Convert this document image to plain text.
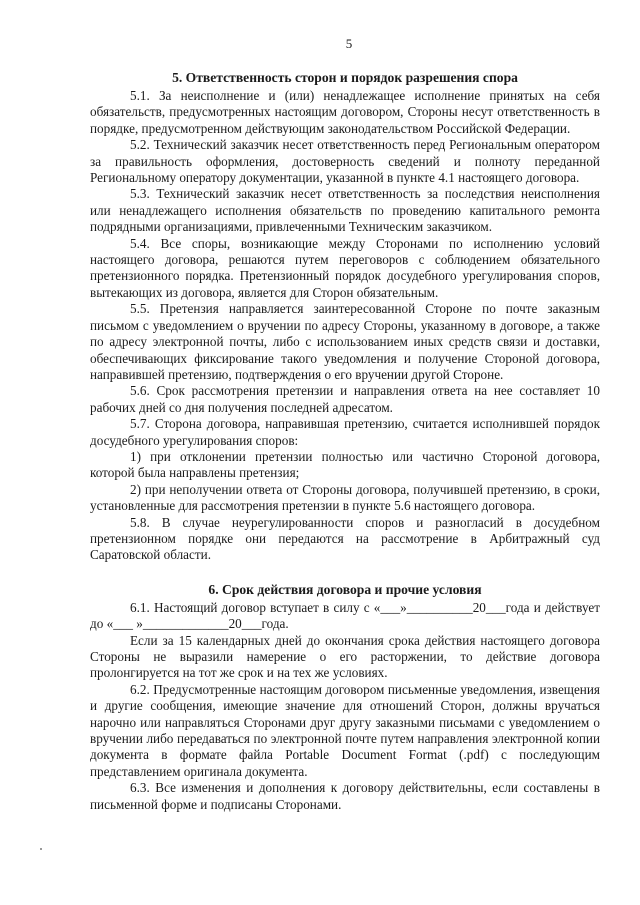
5
5. Ответственность сторон и порядок разрешения спора

5.1. За неисполнение и (или) ненадлежащее исполнение принятых на себя обязательств, предусмотренных настоящим договором, Стороны несут ответственность в порядке, предусмотренном действующим законодательством Российской Федерации.

5.2. Технический заказчик несет ответственность перед Региональным оператором за правильность оформления, достоверность сведений и полноту переданной Региональному оператору документации, указанной в пункте 4.1 настоящего договора.

5.3. Технический заказчик несет ответственность за последствия неисполнения или ненадлежащего исполнения обязательств по проведению капитального ремонта подрядными организациями, привлеченными Техническим заказчиком.

5.4. Все споры, возникающие между Сторонами по исполнению условий настоящего договора, решаются путем переговоров с соблюдением обязательного претензионного порядка. Претензионный порядок досудебного урегулирования споров, вытекающих из договора, является для Сторон обязательным.

5.5. Претензия направляется заинтересованной Стороне по почте заказным письмом с уведомлением о вручении по адресу Стороны, указанному в договоре, а также по адресу электронной почты, либо с использованием иных средств связи и доставки, обеспечивающих фиксирование такого уведомления и получение Стороной договора, направившей претензию, подтверждения о его вручении другой Стороне.

5.6. Срок рассмотрения претензии и направления ответа на нее составляет 10 рабочих дней со дня получения последней адресатом.

5.7. Сторона договора, направившая претензию, считается исполнившей порядок досудебного урегулирования споров:

1) при отклонении претензии полностью или частично Стороной договора, которой была направлены претензия;

2) при неполучении ответа от Стороны договора, получившей претензию, в сроки, установленные для рассмотрения претензии в пункте 5.6 настоящего договора.

5.8. В случае неурегулированности споров и разногласий в досудебном претензионном порядке они передаются на рассмотрение в Арбитражный суд Саратовской области.

6. Срок действия договора и прочие условия

6.1. Настоящий договор вступает в силу с «___»__________20___года и действует до «___ »_____________20___года.

Если за 15 календарных дней до окончания срока действия настоящего договора Стороны не выразили намерение о его расторжении, то действие договора пролонгируется на тот же срок и на тех же условиях.

6.2. Предусмотренные настоящим договором письменные уведомления, извещения и другие сообщения, имеющие значение для отношений Сторон, должны вручаться нарочно или направляться Сторонами друг другу заказными письмами с уведомлением о вручении либо передаваться по электронной почте путем направления электронной копии документа в формате файла Portable Document Format (.pdf) с последующим представлением оригинала документа.

6.3. Все изменения и дополнения к договору действительны, если составлены в письменной форме и подписаны Сторонами.
